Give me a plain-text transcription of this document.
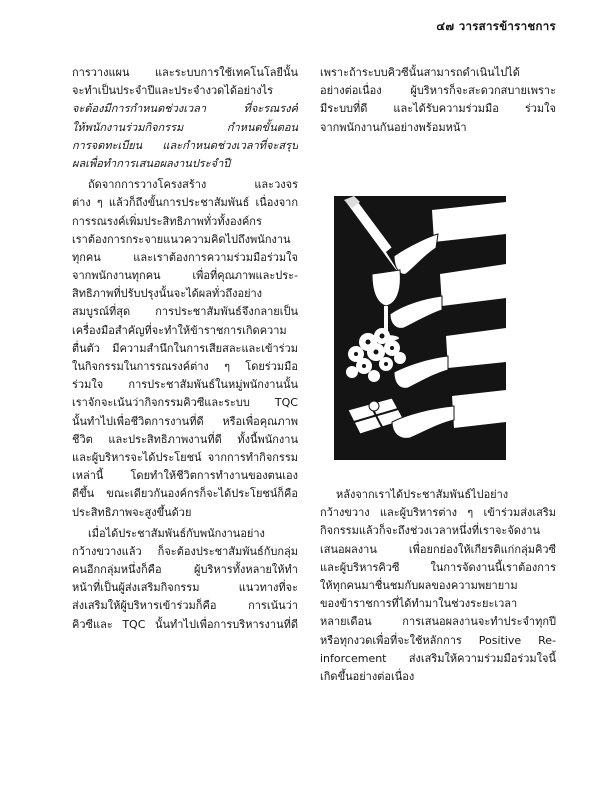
๔๗ วารสารข้าราชการ
การวางแผน และระบบการใช้เทคโนโลยีนั้น
จะทำเป็นประจำปีและประจำงวดได้อย่างไร
จะต้องมีการกำหนดช่วงเวลา ที่จะรณรงค์
ให้พนักงานร่วมกิจกรรม กำหนดขั้นตอน
การจดทะเบียน และกำหนดช่วงเวลาที่จะสรุป
ผลเพื่อทำการเสนอผลงานประจำปี
ถัดจากการวางโครงสร้าง และวงจร
ต่าง ๆ แล้วก็ถึงขั้นการประชาสัมพันธ์ เนื่องจาก
การรณรงค์เพิ่มประสิทธิภาพทั่วทั้งองค์กร
เราต้องการกระจายแนวความคิดไปถึงพนักงาน
ทุกคน และเราต้องการความร่วมมือร่วมใจ
จากพนักงานทุกคน เพื่อที่คุณภาพและประ-
สิทธิภาพที่ปรับปรุงนั้นจะได้ผลทั่วถึงอย่าง
สมบูรณ์ที่สุด การประชาสัมพันธ์จึงกลายเป็น
เครื่องมือสำคัญที่จะทำให้ข้าราชการเกิดความ
ตื่นตัว มีความสำนึกในการเสียสละและเข้าร่วม
ในกิจกรรมในการรณรงค์ต่าง ๆ โดยร่วมมือ
ร่วมใจ การประชาสัมพันธ์ในหมู่พนักงานนั้น
เราจักจะเน้นว่ากิจกรรมคิวซีและระบบ TQC
นั้นทำไปเพื่อชีวิตการงานที่ดี หรือเพื่อคุณภาพ
ชีวิต และประสิทธิภาพงานที่ดี ทั้งนี้พนักงาน
และผู้บริหารจะได้ประโยชน์ จากการทำกิจกรรม
เหล่านี้ โดยทำให้ชีวิตการทำงานของตนเอง
ดีขึ้น ขณะเดียวกันองค์กรก็จะได้ประโยชน์ก็คือ
ประสิทธิภาพจะสูงขึ้นด้วย
เมื่อได้ประชาสัมพันธ์กับพนักงานอย่าง
กว้างขวางแล้ว ก็จะต้องประชาสัมพันธ์กับกลุ่ม
คนอีกกลุ่มหนึ่งก็คือ ผู้บริหารทั้งหลายให้ทำ
หน้าที่เป็นผู้ส่งเสริมกิจกรรม แนวทางที่จะ
ส่งเสริมให้ผู้บริหารเข้าร่วมก็คือ การเน้นว่า
คิวซีและ TQC นั้นทำไปเพื่อการบริหารงานที่ดี
เพราะถ้าระบบคิวซีนั้นสามารถดำเนินไปได้
อย่างต่อเนื่อง ผู้บริหารก็จะสะดวกสบายเพราะ
มีระบบที่ดี และได้รับความร่วมมือ ร่วมใจ
จากพนักงานกันอย่างพร้อมหน้า
หลังจากเราได้ประชาสัมพันธ์ไปอย่าง
กว้างขวาง และผู้บริหารต่าง ๆ เข้าร่วมส่งเสริม
กิจกรรมแล้วก็จะถึงช่วงเวลาหนึ่งที่เราจะจัดงาน
เสนอผลงาน เพื่อยกย่องให้เกียรติแก่กลุ่มคิวซี
และผู้บริหารคิวซี ในการจัดงานนี้เราต้องการ
ให้ทุกคนมาชื่นชมกับผลของความพยายาม
ของข้าราชการที่ได้ทำมาในช่วงระยะเวลา
หลายเดือน การเสนอผลงานจะทำประจำทุกปี
หรือทุกงวดเพื่อที่จะใช้หลักการ Positive Re-
inforcement ส่งเสริมให้ความร่วมมือร่วมใจนี้
เกิดขึ้นอย่างต่อเนื่อง
